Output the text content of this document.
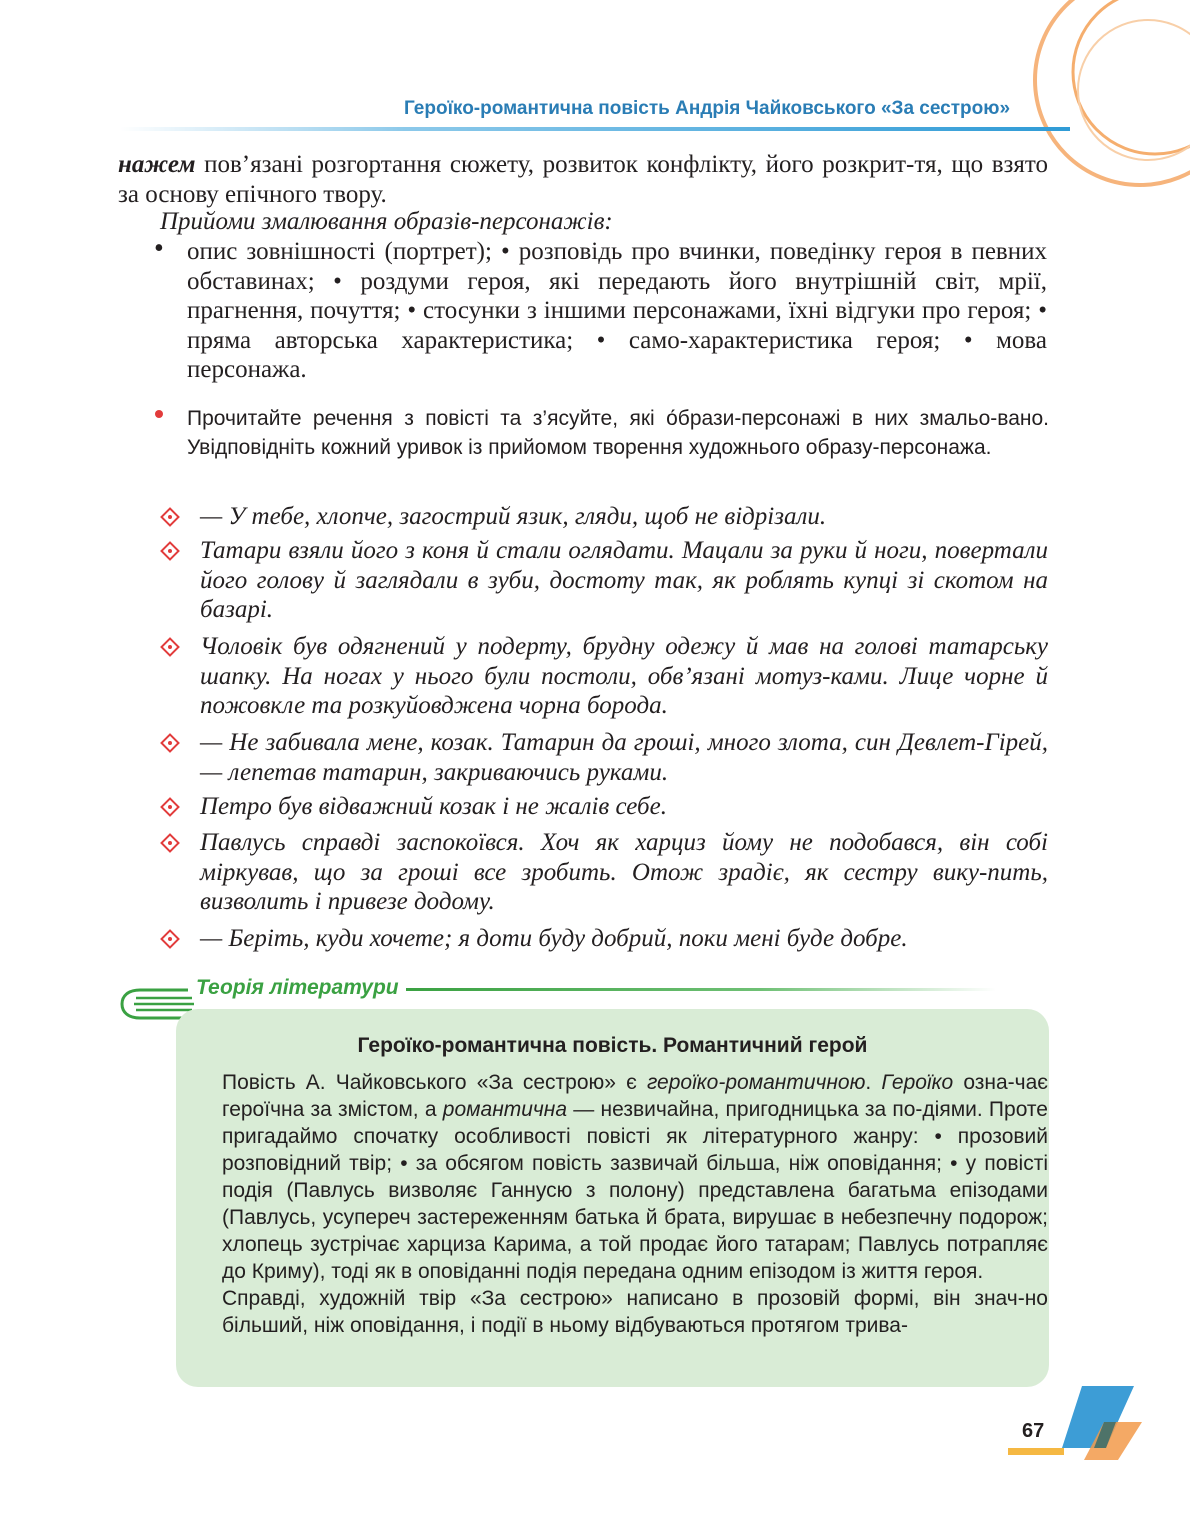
Героїко-романтична повість Андрія Чайковського «За сестрою»
нажем пов’язані розгортання сюжету, розвиток конфлікту, його розкрит-тя, що взято за основу епічного твору.
Прийоми змалювання образів-персонажів:
• опис зовнішності (портрет); • розповідь про вчинки, поведінку героя в певних обставинах; • роздуми героя, які передають його внутрішній світ, мрії, прагнення, почуття; • стосунки з іншими персонажами, їхні відгуки про героя; • пряма авторська характеристика; • само-характеристика героя; • мова персонажа.
Прочитайте речення з повісті та з’ясуйте, які о́брази-персонажі в них змальо-вано. Увідповідніть кожний уривок із прийомом творення художнього образу-персонажа.
— У тебе, хлопче, загострий язик, гляди, щоб не відрізали.
Татари взяли його з коня й стали оглядати. Мацали за руки й ноги, повертали його голову й заглядали в зуби, достоту так, як роблять купці зі скотом на базарі.
Чоловік був одягнений у подерту, брудну одежу й мав на голові татарську шапку. На ногах у нього були постоли, обв’язані мотуз-ками. Лице чорне й пожовкле та розкуйовджена чорна борода.
— Не забивала мене, козак. Татарин да гроші, много злота, син Девлет-Гірей, — лепетав татарин, закриваючись руками.
Петро був відважний козак і не жалів себе.
Павлусь справді заспокоївся. Хоч як харциз йому не подобався, він собі міркував, що за гроші все зробить. Отож зрадіє, як сестру вику-пить, визволить і привезе додому.
— Беріть, куди хочете; я доти буду добрий, поки мені буде добре.
Теорія літератури
Героїко-романтична повість. Романтичний герой
Повість А. Чайковського «За сестрою» є героїко-романтичною. Героїко озна-чає героїчна за змістом, а романтична — незвичайна, пригодницька за по-діями. Проте пригадаймо спочатку особливості повісті як літературного жанру: • прозовий розповідний твір; • за обсягом повість зазвичай більша, ніж оповідання; • у повісті подія (Павлусь визволяє Ганнусю з полону) представлена багатьма епізодами (Павлусь, усупереч застереженням батька й брата, вирушає в небезпечну подорож; хлопець зустрічає харциза Карима, а той продає його татарам; Павлусь потрапляє до Криму), тоді як в оповіданні подія передана одним епізодом із життя героя.
Справді, художній твір «За сестрою» написано в прозовій формі, він знач-но більший, ніж оповідання, і події в ньому відбуваються протягом трива-
67
